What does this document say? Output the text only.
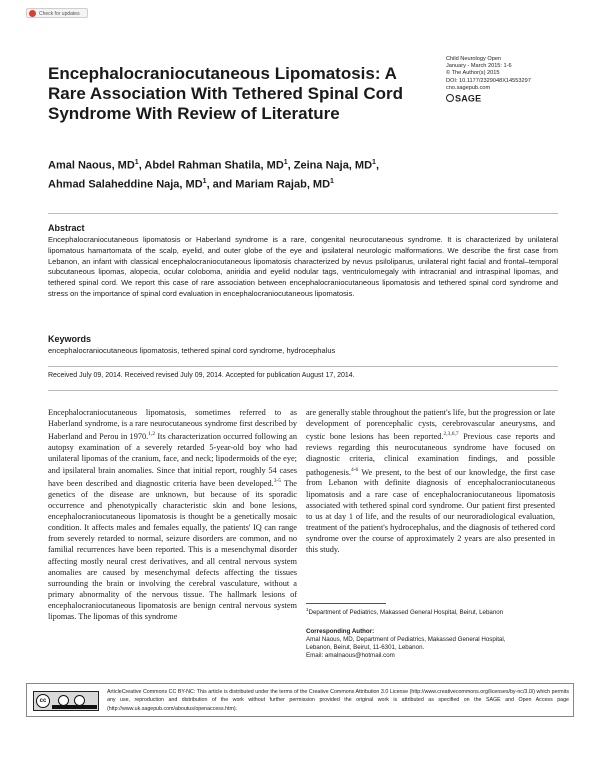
Check for updates
Child Neurology Open
January - March 2015: 1-6
© The Author(s) 2015
DOI: 10.1177/2329048X14553297
cno.sagepub.com
SAGE
Encephalocraniocutaneous Lipomatosis: A Rare Association With Tethered Spinal Cord Syndrome With Review of Literature
Amal Naous, $MD^1$, Abdel Rahman Shatila, $MD^1$, Zeina Naja, $MD^1$,
Ahmad Salaheddine Naja, $MD^1$, and Mariam Rajab, $MD^1$
Abstract
Encephalocraniocutaneous lipomatosis or Haberland syndrome is a rare, congenital neurocutaneous syndrome. It is characterized by unilateral lipomatous hamartomata of the scalp, eyelid, and outer globe of the eye and ipsilateral neurologic malformations. We describe the first case from Lebanon, an infant with classical encephalocraniocutaneous lipomatosis characterized by nevus psiloliparus, unilateral right facial and frontal–temporal subcutaneous lipomas, alopecia, ocular coloboma, aniridia and eyelid nodular tags, ventriculomegaly with intracranial and intraspinal lipomas, and tethered spinal cord. We report this case of rare association between encephalocraniocutaneous lipomatosis and tethered spinal cord syndrome and stress on the importance of spinal cord evaluation in encephalocraniocutaneous lipomatosis.
Keywords
encephalocraniocutaneous lipomatosis, tethered spinal cord syndrome, hydrocephalus
Received July 09, 2014. Received revised July 09, 2014. Accepted for publication August 17, 2014.
Encephalocraniocutaneous lipomatosis, sometimes referred to as Haberland syndrome, is a rare neurocutaneous syndrome first described by Haberland and Perou in 1970.$^{1,2}$ Its characterization occurred following an autopsy examination of a severely retarded 5-year-old boy who had unilateral lipomas of the cranium, face, and neck; lipodermoids of the eye; and ipsilateral brain anomalies. Since that initial report, roughly 54 cases have been described and diagnostic criteria have been developed.$^{3-5}$ The genetics of the disease are unknown, but because of its sporadic occurrence and phenotypically characteristic skin and bone lesions, encephalocraniocutaneous lipomatosis is thought be a genetically mosaic condition. It affects males and females equally, the patients' IQ can range from severely retarded to normal, seizure disorders are common, and no familial recurrences have been reported. This is a mesenchymal disorder affecting mostly neural crest derivatives, and all central nervous system anomalies are caused by mesenchymal defects affecting the tissues surrounding the brain or involving the cerebral vasculature, without a primary abnormality of the nervous tissue. The hallmark lesions of encephalocraniocutaneous lipomatosis are benign central nervous system lipomas. The lipomas of this syndrome
are generally stable throughout the patient's life, but the progression or late development of porencephalic cysts, cerebrovascular aneurysms, and cystic bone lesions has been reported.$^{2,3,6,7}$ Previous case reports and reviews regarding this neurocutaneous syndrome have focused on diagnostic criteria, clinical examination findings, and possible pathogenesis.$^{4-6}$ We present, to the best of our knowledge, the first case from Lebanon with definite diagnosis of encephalocraniocutaneous lipomatosis and a rare case of encephalocraniocutaneous lipomatosis associated with tethered spinal cord syndrome. Our patient first presented to us at day 1 of life, and the results of our neuroradiological evaluation, treatment of the patient's hydrocephalus, and the diagnosis of tethered cord syndrome over the course of approximately 2 years are also presented in this study.
$^1$Department of Pediatrics, Makassed General Hospital, Beirut, Lebanon
Corresponding Author:
Amal Naous, MD, Department of Pediatrics, Makassed General Hospital,
Lebanon, Beirut, Beirut, 11-6301, Lebanon.
Email: amalnaous@hotmail.com
cc
ArticleCreative Commons CC BY-NC: This article is distributed under the terms of the Creative Commons Attribution 3.0 License (http://www.creativecommons.org/licenses/by-nc/3.0/) which permits any use, reproduction and distribution of the work without further permission provided the original work is attributed as specified on the SAGE and Open Access page (http://www.uk.sagepub.com/aboutus/openaccess.htm).
